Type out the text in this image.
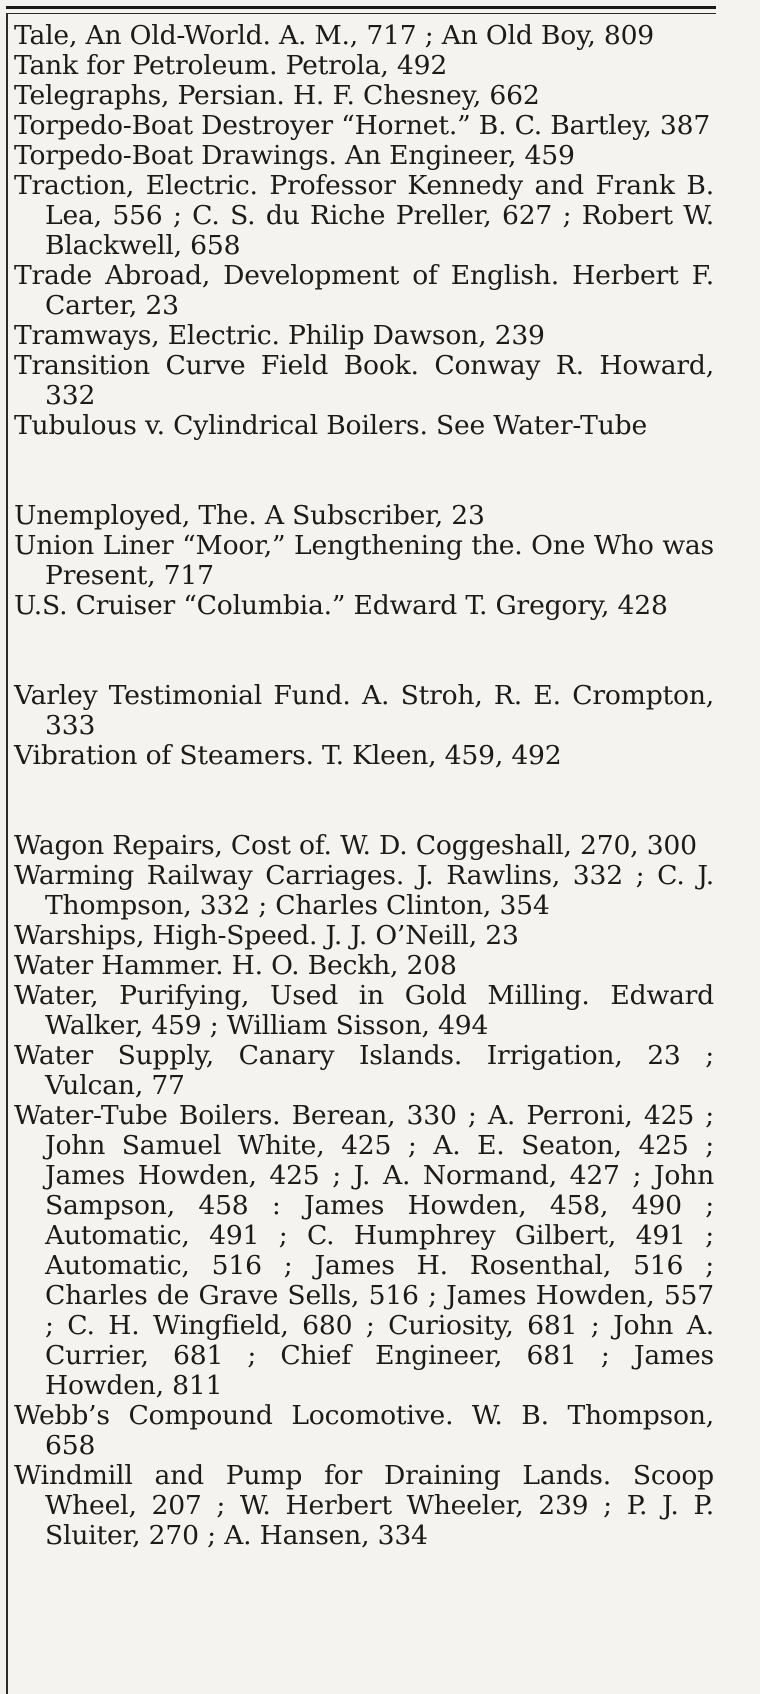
Tale, An Old-World. A. M., 717 ; An Old Boy, 809

Tank for Petroleum. Petrola, 492

Telegraphs, Persian. H. F. Chesney, 662

Torpedo-Boat Destroyer “Hornet.” B. C. Bartley, 387

Torpedo-Boat Drawings. An Engineer, 459

Traction, Electric. Professor Kennedy and Frank B. Lea, 556 ; C. S. du Riche Preller, 627 ; Robert W. Blackwell, 658

Trade Abroad, Development of English. Herbert F. Carter, 23

Tramways, Electric. Philip Dawson, 239

Transition Curve Field Book. Conway R. Howard, 332

Tubulous v. Cylindrical Boilers. See Water-Tube

Unemployed, The. A Subscriber, 23

Union Liner “Moor,” Lengthening the. One Who was Present, 717

U.S. Cruiser “Columbia.” Edward T. Gregory, 428

Varley Testimonial Fund. A. Stroh, R. E. Crompton, 333

Vibration of Steamers. T. Kleen, 459, 492

Wagon Repairs, Cost of. W. D. Coggeshall, 270, 300

Warming Railway Carriages. J. Rawlins, 332 ; C. J. Thompson, 332 ; Charles Clinton, 354

Warships, High-Speed. J. J. O’Neill, 23

Water Hammer. H. O. Beckh, 208

Water, Purifying, Used in Gold Milling. Edward Walker, 459 ; William Sisson, 494

Water Supply, Canary Islands. Irrigation, 23 ; Vulcan, 77

Water-Tube Boilers. Berean, 330 ; A. Perroni, 425 ; John Samuel White, 425 ; A. E. Seaton, 425 ; James Howden, 425 ; J. A. Normand, 427 ; John Sampson, 458 : James Howden, 458, 490 ; Automatic, 491 ; C. Humphrey Gilbert, 491 ; Automatic, 516 ; James H. Rosenthal, 516 ; Charles de Grave Sells, 516 ; James Howden, 557 ; C. H. Wingfield, 680 ; Curiosity, 681 ; John A. Currier, 681 ; Chief Engineer, 681 ; James Howden, 811

Webb’s Compound Locomotive. W. B. Thompson, 658

Windmill and Pump for Draining Lands. Scoop Wheel, 207 ; W. Herbert Wheeler, 239 ; P. J. P. Sluiter, 270 ; A. Hansen, 334
